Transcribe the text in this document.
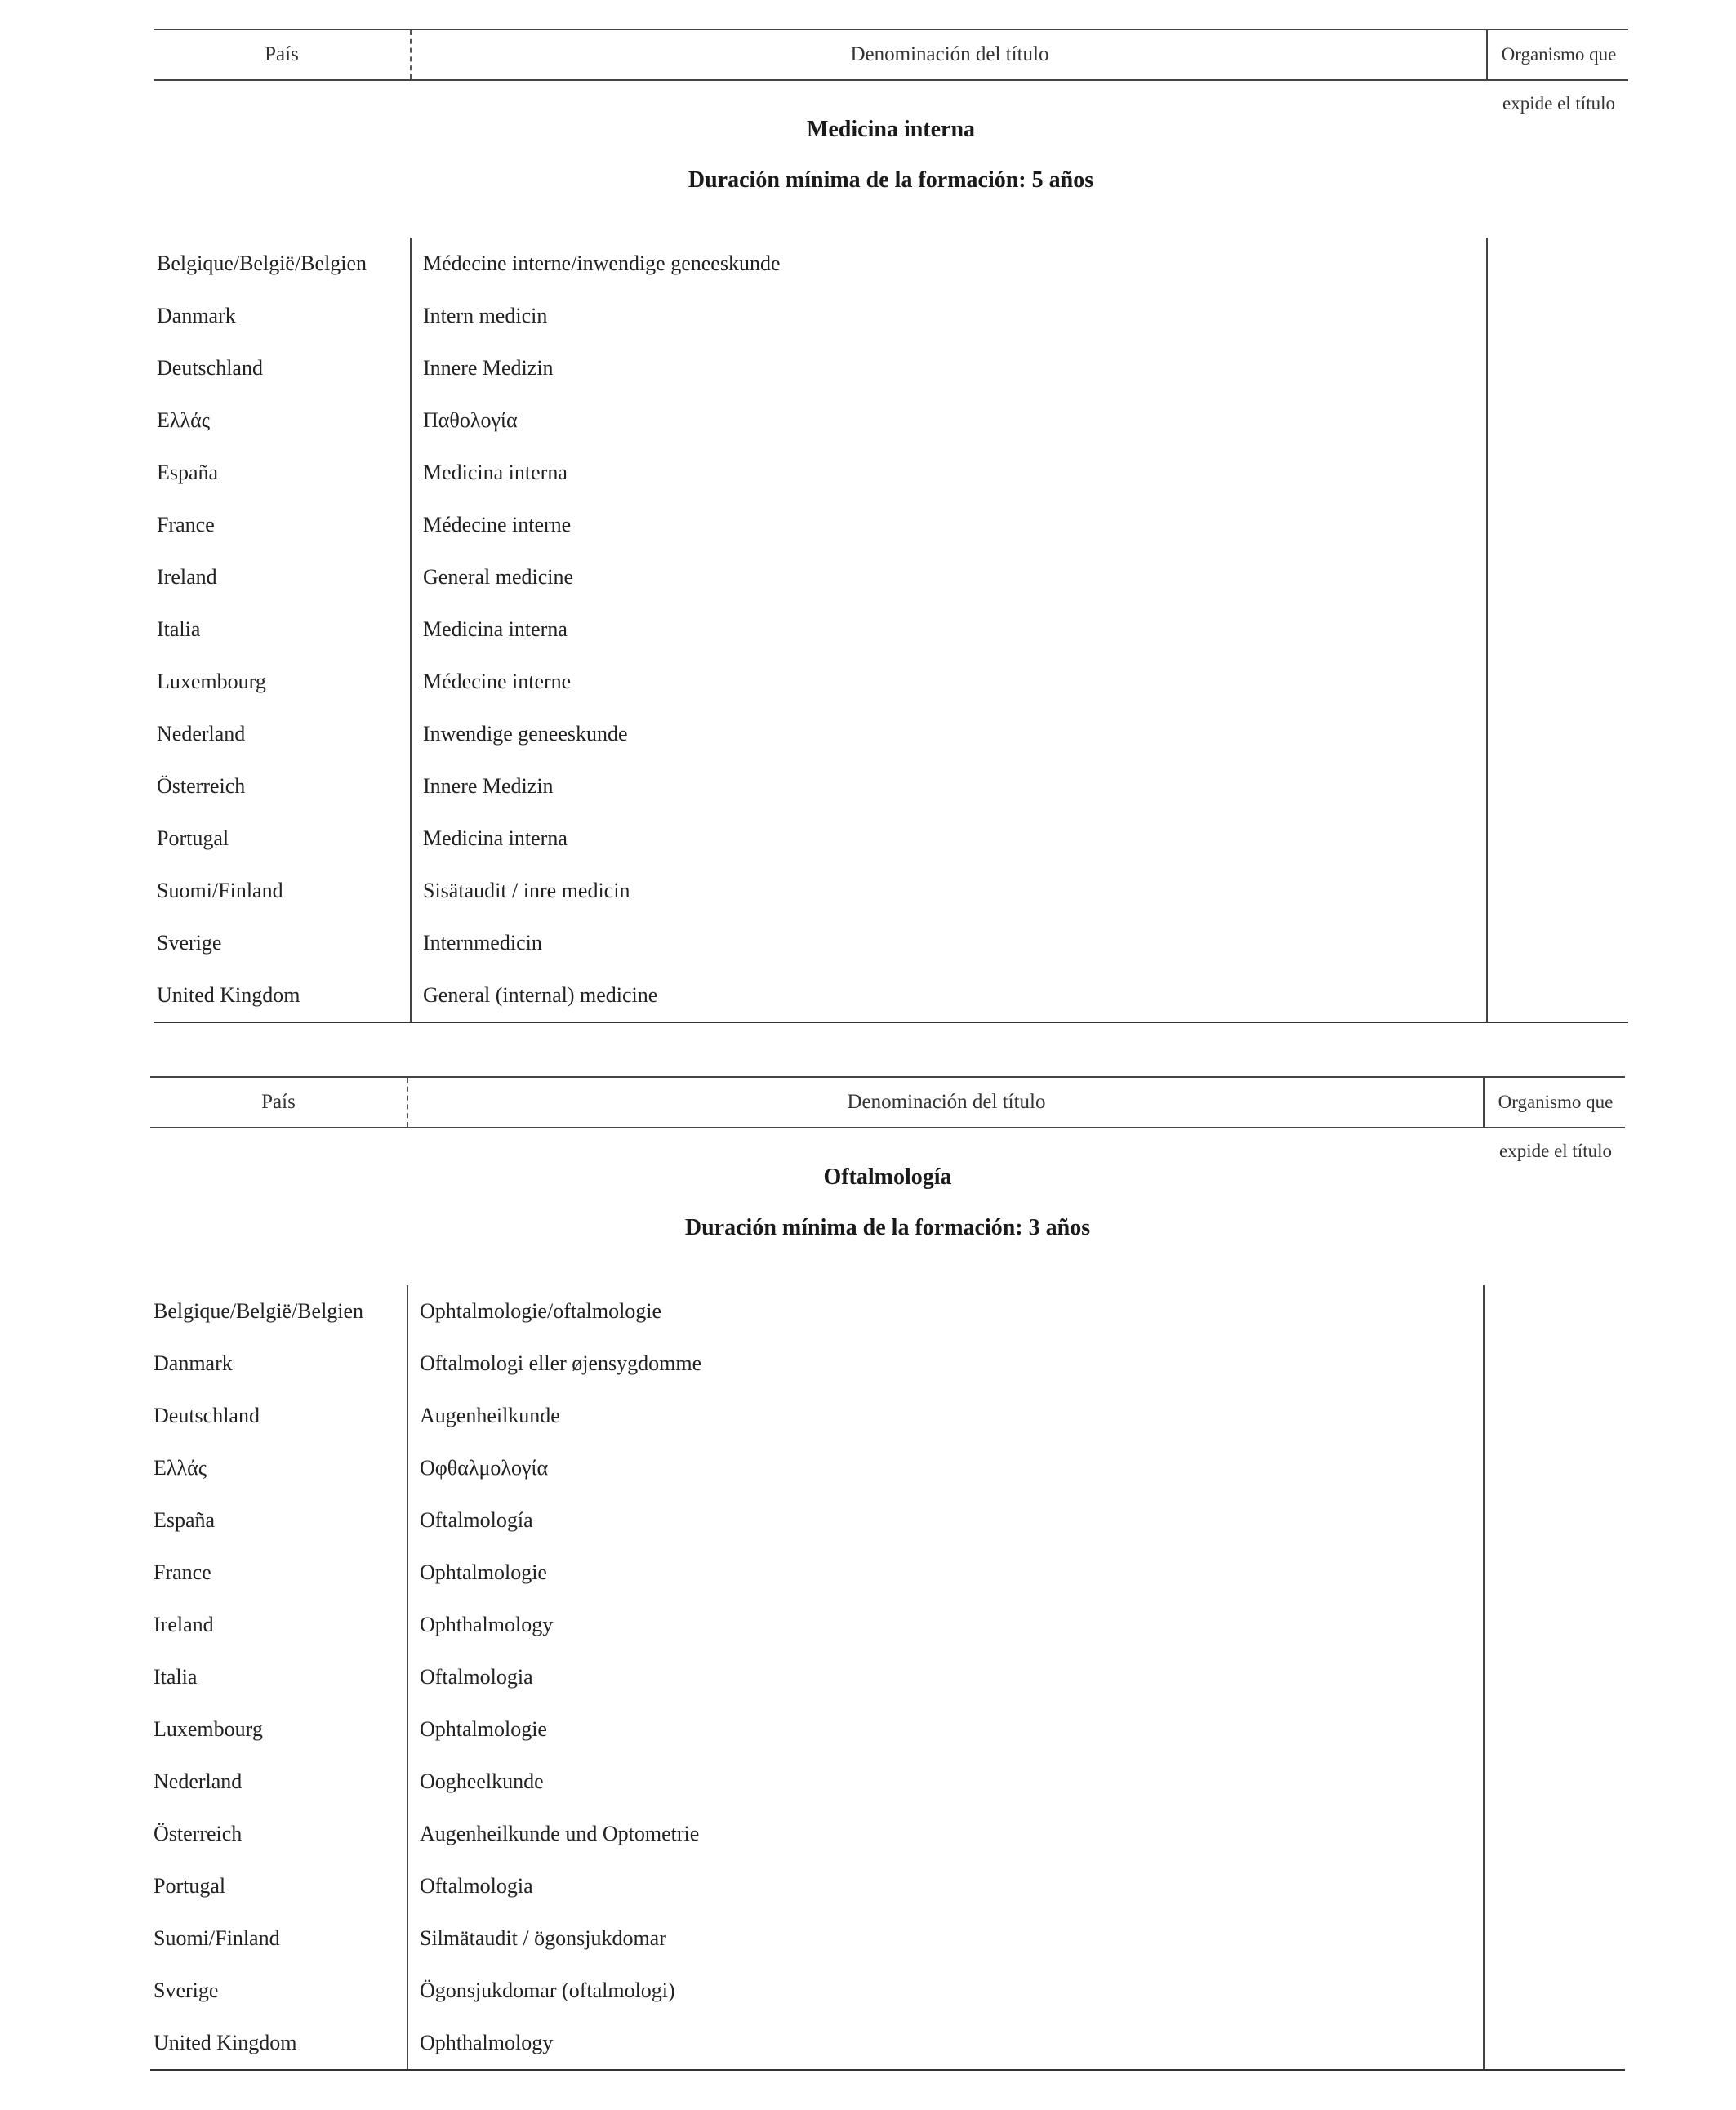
País	Denominación del título	Organismo que expide el título
Medicina interna
Duración mínima de la formación: 5 años
Belgique/België/Belgien	Médecine interne/inwendige geneeskunde
Danmark	Intern medicin
Deutschland	Innere Medizin
Ελλάς	Παθολογία
España	Medicina interna
France	Médecine interne
Ireland	General medicine
Italia	Medicina interna
Luxembourg	Médecine interne
Nederland	Inwendige geneeskunde
Österreich	Innere Medizin
Portugal	Medicina interna
Suomi/Finland	Sisätaudit / inre medicin
Sverige	Internmedicin
United Kingdom	General (internal) medicine
País	Denominación del título	Organismo que expide el título
Oftalmología
Duración mínima de la formación: 3 años
Belgique/België/Belgien	Ophtalmologie/oftalmologie
Danmark	Oftalmologi eller øjensygdomme
Deutschland	Augenheilkunde
Ελλάς	Οφθαλμολογία
España	Oftalmología
France	Ophtalmologie
Ireland	Ophthalmology
Italia	Oftalmologia
Luxembourg	Ophtalmologie
Nederland	Oogheelkunde
Österreich	Augenheilkunde und Optometrie
Portugal	Oftalmologia
Suomi/Finland	Silmätaudit / ögonsjukdomar
Sverige	Ögonsjukdomar (oftalmologi)
United Kingdom	Ophthalmology
